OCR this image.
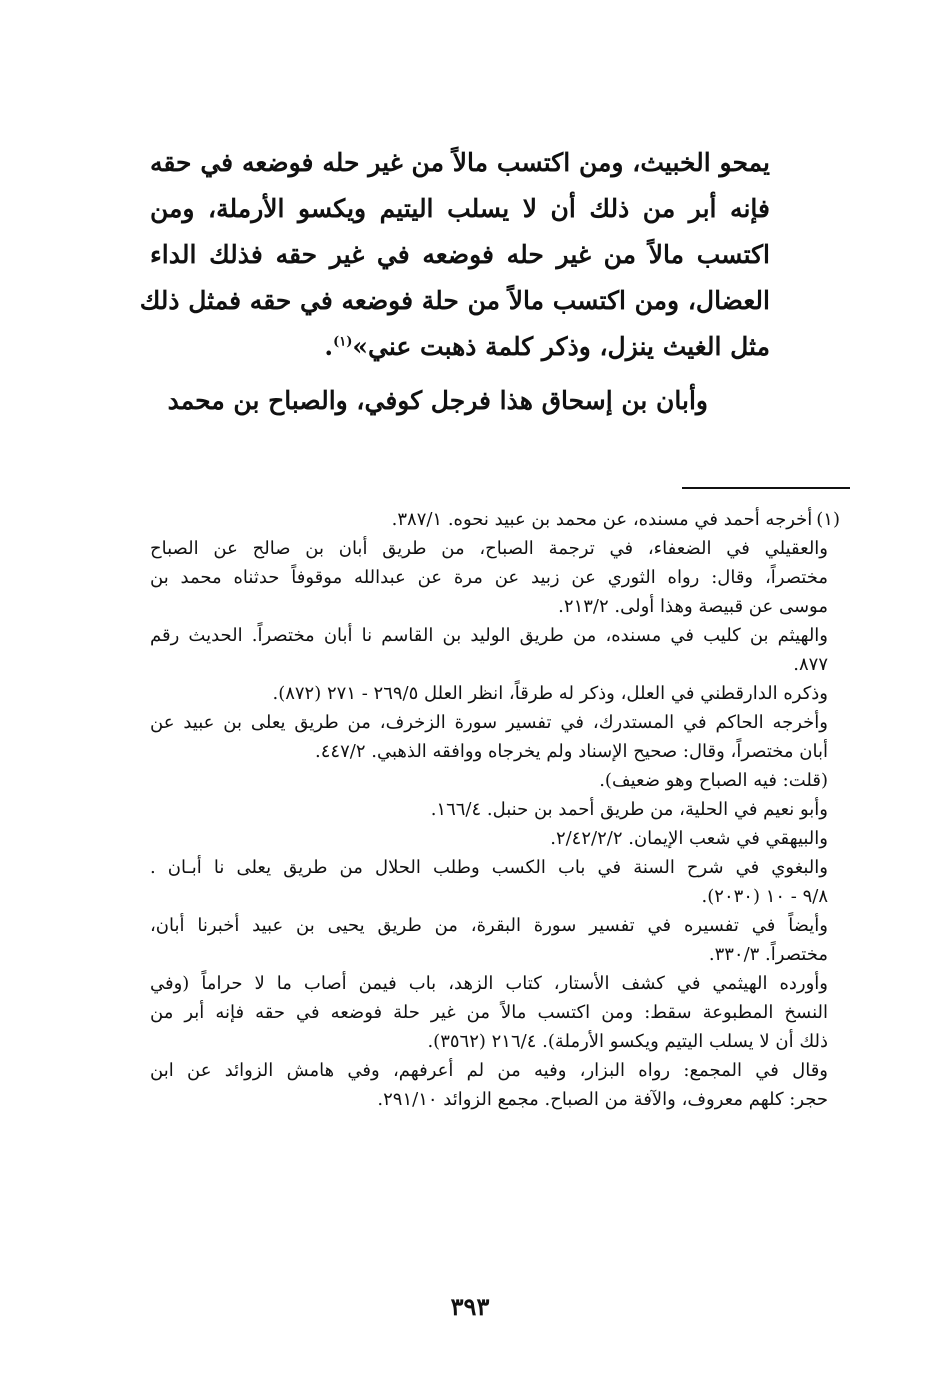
يمحو الخبيث، ومن اكتسب مالاً من غير حله فوضعه في حقه
فإنه أبر من ذلك أن لا يسلب اليتيم ويكسو الأرملة، ومن
اكتسب مالاً من غير حله فوضعه في غير حقه فذلك الداء
العضال، ومن اكتسب مالاً من حلة فوضعه في حقه فمثل ذلك
مثل الغيث ينزل، وذكر كلمة ذهبت عني»$^{(١)}$.
وأبان بن إسحاق هذا فرجل كوفي، والصباح بن محمد
(١)أخرجه أحمد في مسنده، عن محمد بن عبيد نحوه. ٣٨٧/١.
والعقيلي في الضعفاء، في ترجمة الصباح، من طريق أبان بن صالح عن الصباح
مختصراً، وقال: رواه الثوري عن زبيد عن مرة عن عبدالله موقوفاً حدثناه محمد بن
موسى عن قبيصة وهذا أولى. ٢١٣/٢.
والهيثم بن كليب في مسنده، من طريق الوليد بن القاسم نا أبان مختصراً. الحديث رقم
٨٧٧.
وذكره الدارقطني في العلل، وذكر له طرقاً، انظر العلل ٢٦٩/٥ - ٢٧١ (٨٧٢).
وأخرجه الحاكم في المستدرك، في تفسير سورة الزخرف، من طريق يعلى بن عبيد عن
أبان مختصراً، وقال: صحيح الإسناد ولم يخرجاه ووافقه الذهبي. ٤٤٧/٢.
(قلت: فيه الصباح وهو ضعيف).
وأبو نعيم في الحلية، من طريق أحمد بن حنبل. ١٦٦/٤.
والبيهقي في شعب الإيمان. ٢/٤٢/٢/٢.
والبغوي في شرح السنة في باب الكسب وطلب الحلال من طريق يعلى نا أبـان .
٩/٨ - ١٠ (٢٠٣٠).
وأيضاً في تفسيره في تفسير سورة البقرة، من طريق يحيى بن عبيد أخبرنا أبان،
مختصراً. ٣٣٠/٣.
وأورده الهيثمي في كشف الأستار، كتاب الزهد، باب فيمن أصاب ما لا حراماً (وفي
النسخ المطبوعة سقط: ومن اكتسب مالاً من غير حلة فوضعه في حقه فإنه أبر من
ذلك أن لا يسلب اليتيم ويكسو الأرملة). ٢١٦/٤ (٣٥٦٢).
وقال في المجمع: رواه البزار، وفيه من لم أعرفهم، وفي هامش الزوائد عن ابن
حجر: كلهم معروف، والآفة من الصباح. مجمع الزوائد ٢٩١/١٠.
٣٩٣
